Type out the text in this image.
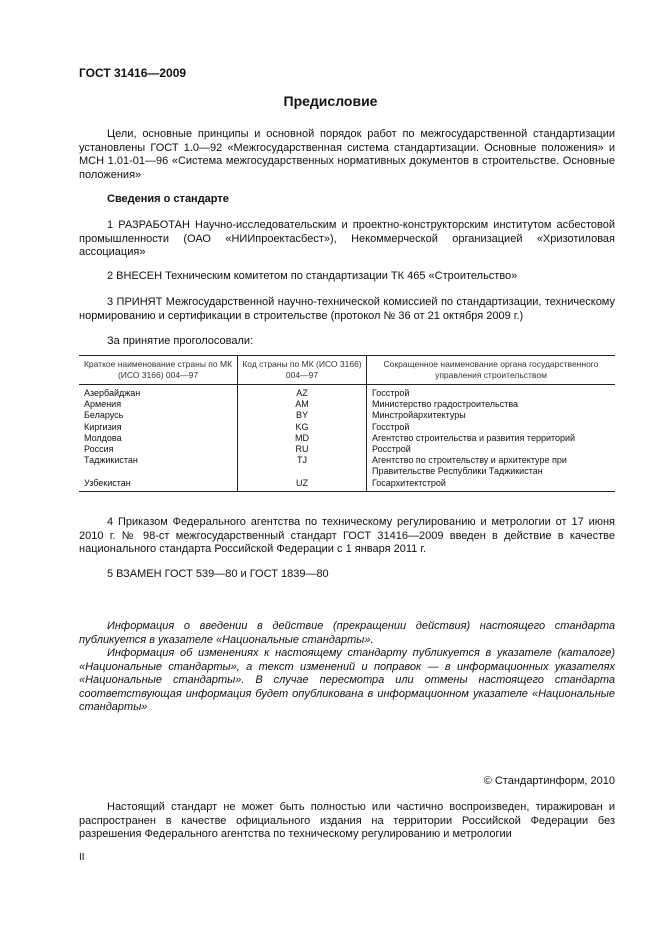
ГОСТ 31416—2009
Предисловие
Цели, основные принципы и основной порядок работ по межгосударственной стандартизации установлены ГОСТ 1.0—92 «Межгосударственная система стандартизации. Основные положения» и МСН 1.01-01—96 «Система межгосударственных нормативных документов в строительстве. Основные положения»
Сведения о стандарте
1 РАЗРАБОТАН Научно-исследовательским и проектно-конструкторским институтом асбестовой промышленности (ОАО «НИИпроектасбест»), Некоммерческой организацией «Хризотиловая ассоциация»
2 ВНЕСЕН Техническим комитетом по стандартизации ТК 465 «Строительство»
3 ПРИНЯТ Межгосударственной научно-технической комиссией по стандартизации, техническому нормированию и сертификации в строительстве (протокол № 36 от 21 октября 2009 г.)
За принятие проголосовали:
Краткое наименование страны по МК (ИСО 3166) 004—97	Код страны по МК (ИСО 3166) 004—97	Сокращенное наименование органа государственного управления строительством
Азербайджан	AZ	Госстрой
Армения	AM	Министерство градостроительства
Беларусь	BY	Минстройархитектуры
Киргизия	KG	Госстрой
Молдова	MD	Агентство строительства и развития территорий
Россия	RU	Росстрой
Таджикистан	TJ	Агентство по строительству и архитектуре при Правительстве Республики Таджикистан
Узбекистан	UZ	Госархитектстрой
4 Приказом Федерального агентства по техническому регулированию и метрологии от 17 июня 2010 г. № 98-ст межгосударственный стандарт ГОСТ 31416—2009 введен в действие в качестве национального стандарта Российской Федерации с 1 января 2011 г.
5 ВЗАМЕН ГОСТ 539—80 и ГОСТ 1839—80
Информация о введении в действие (прекращении действия) настоящего стандарта публикуется в указателе «Национальные стандарты».
Информация об изменениях к настоящему стандарту публикуется в указателе (каталоге) «Национальные стандарты», а текст изменений и поправок — в информационных указателях «Национальные стандарты». В случае пересмотра или отмены настоящего стандарта соответствующая информация будет опубликована в информационном указателе «Национальные стандарты»
© Стандартинформ, 2010
Настоящий стандарт не может быть полностью или частично воспроизведен, тиражирован и распространен в качестве официального издания на территории Российской Федерации без разрешения Федерального агентства по техническому регулированию и метрологии
II
